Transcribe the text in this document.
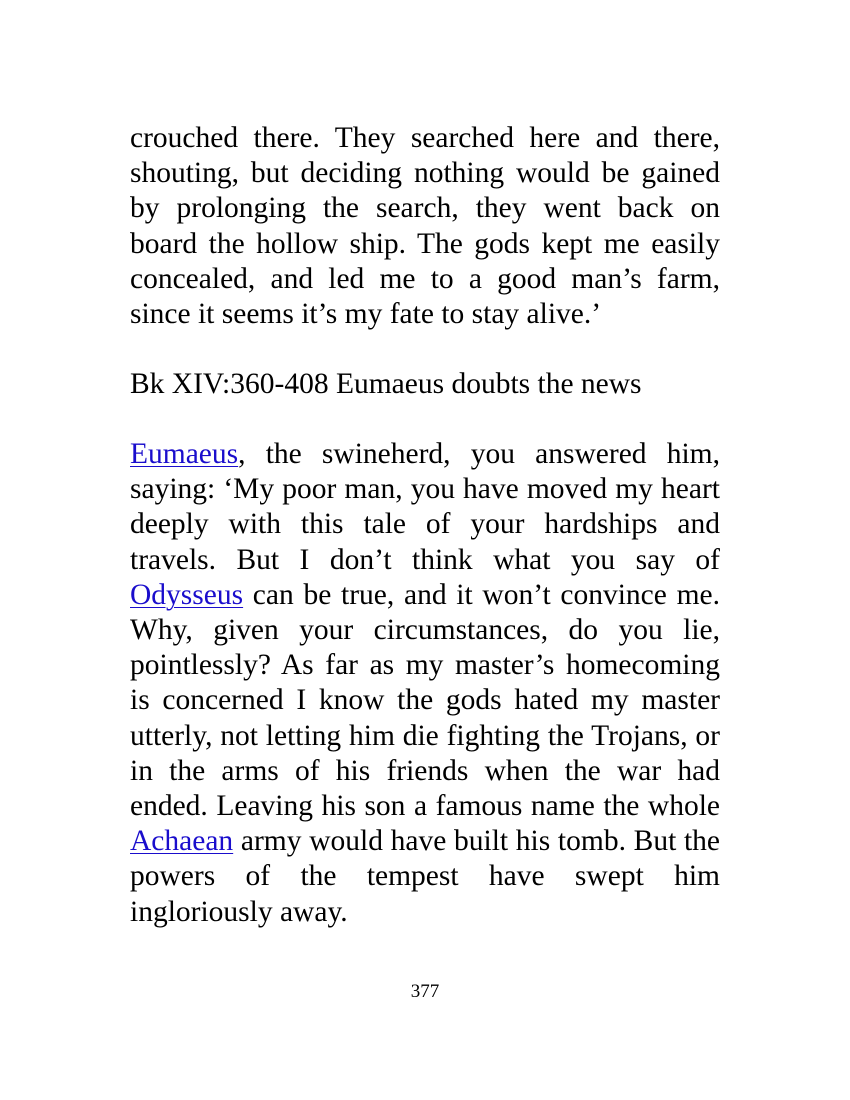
crouched there. They searched here and there, shouting, but deciding nothing would be gained by prolonging the search, they went back on board the hollow ship. The gods kept me easily concealed, and led me to a good man’s farm, since it seems it’s my fate to stay alive.’

Bk XIV:360-408 Eumaeus doubts the news

Eumaeus, the swineherd, you answered him, saying: ‘My poor man, you have moved my heart deeply with this tale of your hardships and travels. But I don’t think what you say of Odysseus can be true, and it won’t convince me. Why, given your circumstances, do you lie, pointlessly? As far as my master’s homecoming is concerned I know the gods hated my master utterly, not letting him die fighting the Trojans, or in the arms of his friends when the war had ended. Leaving his son a famous name the whole Achaean army would have built his tomb. But the powers of the tempest have swept him ingloriously away.

377
